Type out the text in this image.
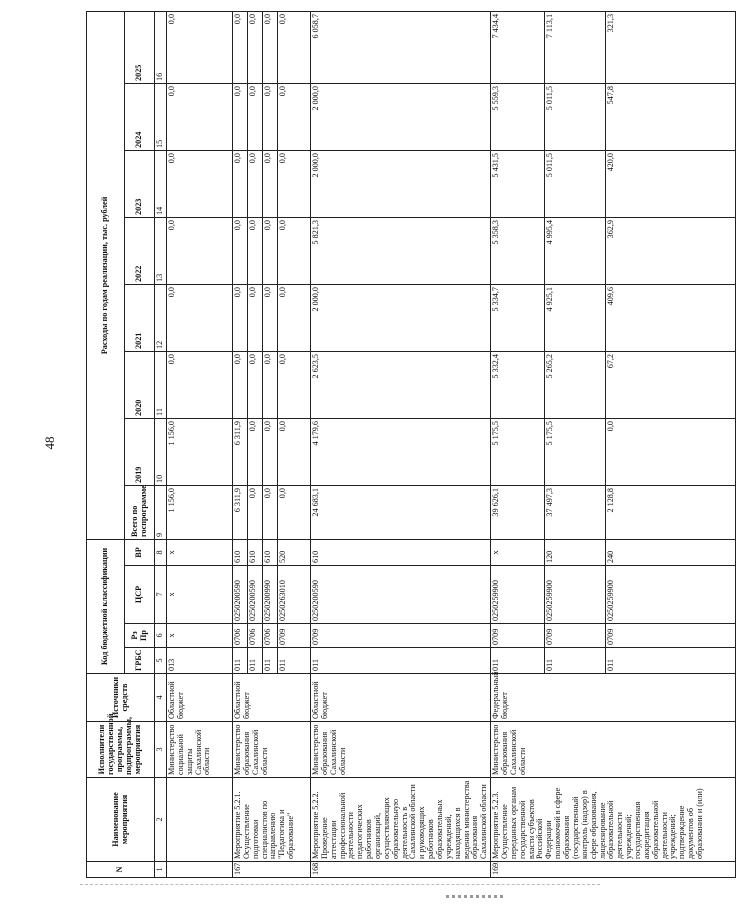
48
N	Наименование мероприятия	Исполнители государственной программы, подпрограммы, мероприятия	Источники средств	Код бюджетной классификации				Расходы по годам реализации, тыс. рублей							
				ГРБС	Рз Пр	ЦСР	ВР	Всего по госпрограмме	2019	2020	2021	2022	2023	2024	2025
1	2	3	4	5	6	7	8	9	10	11	12	13	14	15	16
		Министерство социальной защиты Сахалинской области	Областной бюджет	013	x	x	x	1 156,0	1 156,0	0,0	0,0	0,0	0,0	0,0	0,0
167.	Мероприятие 5.2.1. Осуществление подготовки специалистов по направлению "Педагогика и образование"	Министерство образования Сахалинской области	Областной бюджет	011	0706	0250200590	610	6 311,9	6 311,9	0,0	0,0	0,0	0,0	0,0	0,0
				011	0706	0250200590	610	0,0	0,0	0,0	0,0	0,0	0,0	0,0	0,0
				011	0706	0250200990	610	0,0	0,0	0,0	0,0	0,0	0,0	0,0	0,0
				011	0709	0250263010	520	0,0	0,0	0,0	0,0	0,0	0,0	0,0	0,0
168.	Мероприятие 5.2.2. Проведение аттестации профессиональной деятельности педагогических работников организаций, осуществляющих образовательную деятельность в Сахалинской области и руководящих работников образовательных учреждений, находящихся в ведении министерства образования Сахалинской области	Министерство образования Сахалинской области	Областной бюджет	011	0709	0250200590	610	24 683,1	4 179,6	2 623,5	2 000,0	5 821,3	2 000,0	2 000,0	6 058,7
169.	Мероприятие 5.2.3. Осуществление переданных органам государственной власти субъектов Российской Федерации полномочий в сфере образования (государственный контроль (надзор) в сфере образования, лицензирование образовательной деятельности учреждений; государственная аккредитация образовательной деятельности учреждений; подтверждение документов об образовании и (или)	Министерство образования Сахалинской области	Федеральный бюджет	011	0709	0250259900	x	39 626,1	5 175,5	5 332,4	5 334,7	5 358,3	5 431,5	5 559,3	7 434,4
				011	0709	0250259900	120	37 497,3	5 175,5	5 265,2	4 925,1	4 995,4	5 011,5	5 011,5	7 113,1
				011	0709	0250259900	240	2 128,8	0,0	67,2	409,6	362,9	420,0	547,8	321,3
